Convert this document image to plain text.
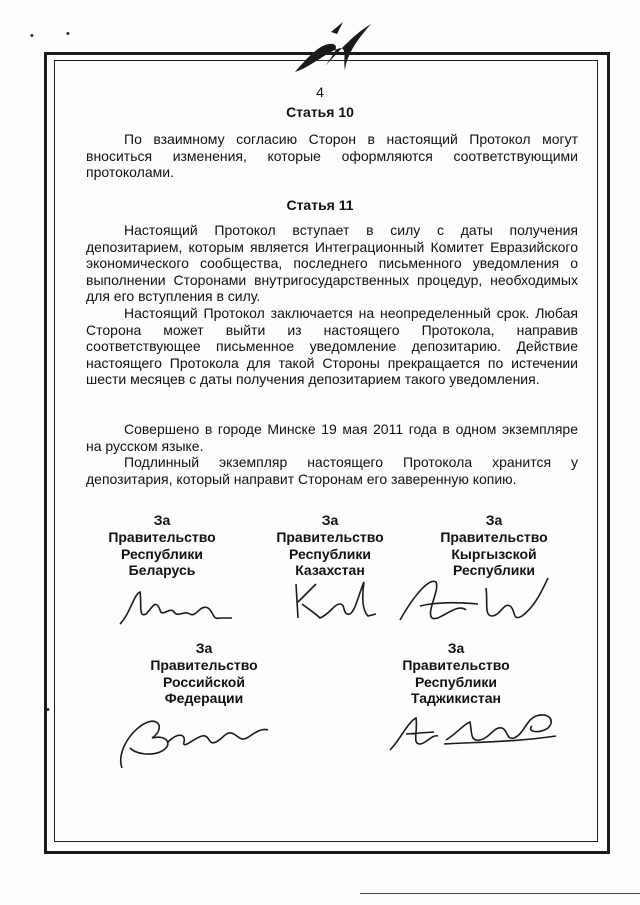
•	•
•
4
Статья 10

По взаимному согласию Сторон в настоящий Протокол могут вноситься изменения, которые оформляются соответствующими протоколами.

Статья 11

Настоящий Протокол вступает в силу с даты получения депозитарием, которым является Интеграционный Комитет Евразийского экономического сообщества, последнего письменного уведомления о выполнении Сторонами внутригосударственных процедур, необходимых для его вступления в силу.

Настоящий Протокол заключается на неопределенный срок. Любая Сторона может выйти из настоящего Протокола, направив соответствующее письменное уведомление депозитарию. Действие настоящего Протокола для такой Стороны прекращается по истечении шести месяцев с даты получения депозитарием такого уведомления.

Совершено в городе Минске 19 мая 2011 года в одном экземпляре на русском языке.

Подлинный экземпляр настоящего Протокола хранится у депозитария, который направит Сторонам его заверенную копию.

За
Правительство
Республики
Беларусь
За
Правительство
Республики
Казахстан
За
Правительство
Кыргызской
Республики
За
Правительство
Российской
Федерации
За
Правительство
Республики
Таджикистан
